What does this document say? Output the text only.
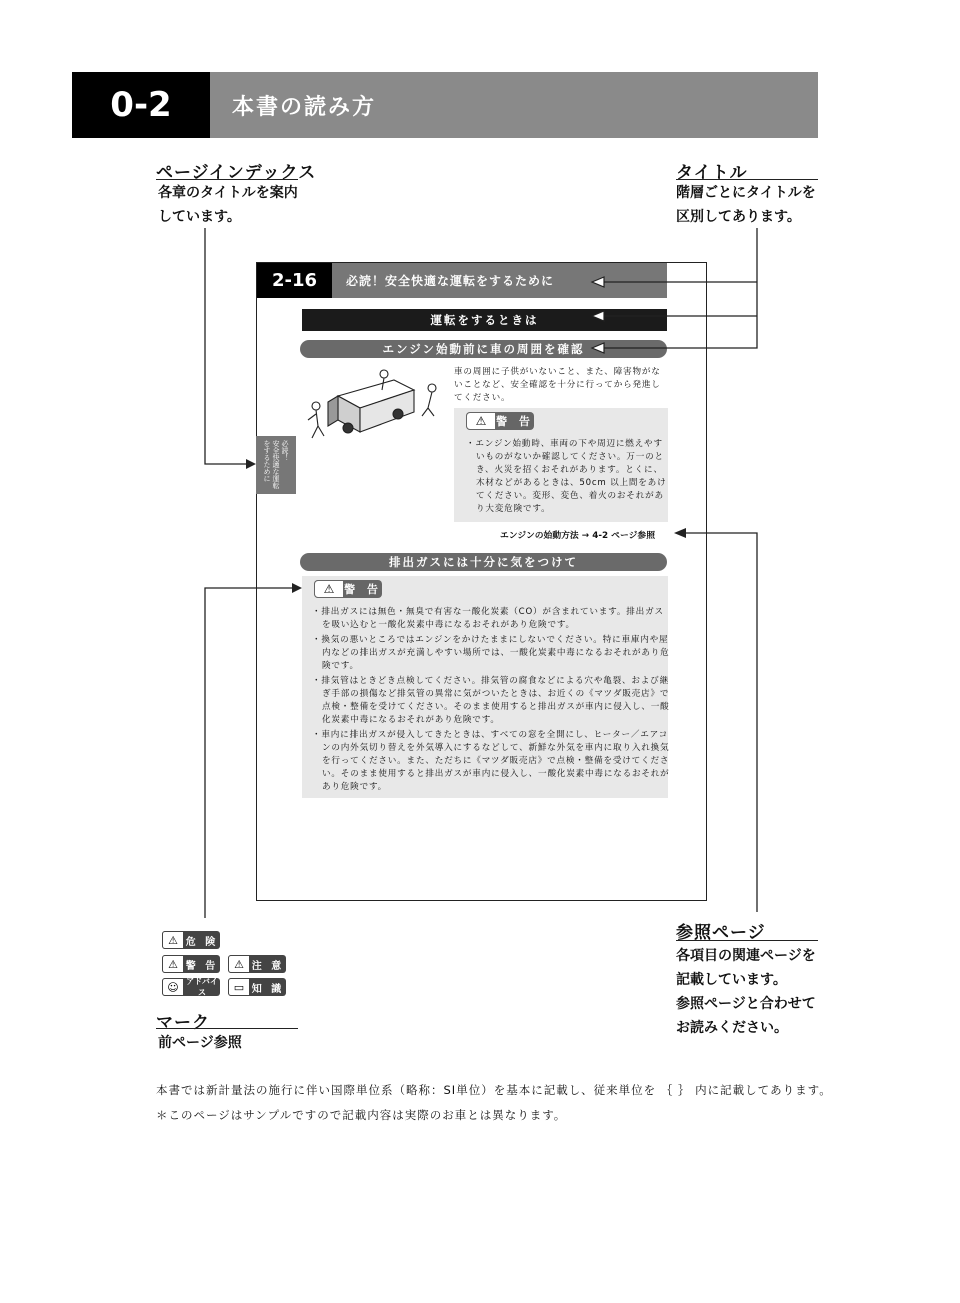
0-2	本書の読み方
ページインデックス
各章のタイトルを案内
しています。
タイトル
階層ごとにタイトルを
区別してあります。
2-16	必読！安全快適な運転をするために
運転をするときは
エンジン始動前に車の周囲を確認
必読！
安全快適な運転
をするために
車の周囲に子供がいないこと、また、障害物がないことなど、安全確認を十分に行ってから発進してください。
⚠ 警 告
・エンジン始動時、車両の下や周辺に燃えやすいものがないか確認してください。万一のとき、火災を招くおそれがあります。とくに、木材などがあるときは、50cm 以上間をあけてください。変形、変色、着火のおそれがあり大変危険です。
エンジンの始動方法 → 4-2 ページ参照
排出ガスには十分に気をつけて
⚠ 警 告
・排出ガスには無色・無臭で有害な一酸化炭素（CO）が含まれています。排出ガスを吸い込むと一酸化炭素中毒になるおそれがあり危険です。
・換気の悪いところではエンジンをかけたままにしないでください。特に車庫内や屋内などの排出ガスが充満しやすい場所では、一酸化炭素中毒になるおそれがあり危険です。
・排気管はときどき点検してください。排気管の腐食などによる穴や亀裂、および継ぎ手部の損傷など排気管の異常に気がついたときは、お近くの《マツダ販売店》で点検・整備を受けてください。そのまま使用すると排出ガスが車内に侵入し、一酸化炭素中毒になるおそれがあり危険です。
・車内に排出ガスが侵入してきたときは、すべての窓を全開にし、ヒーター／エアコンの内外気切り替えを外気導入にするなどして、新鮮な外気を車内に取り入れ換気を行ってください。また、ただちに《マツダ販売店》で点検・整備を受けてください。そのまま使用すると排出ガスが車内に侵入し、一酸化炭素中毒になるおそれがあり危険です。
参照ページ
各項目の関連ページを
記載しています。
参照ページと合わせて
お読みください。
⚠ 危 険
⚠ 警 告	⚠ 注 意
☺ アドバイス	▭ 知 識
マーク
前ページ参照
本書では新計量法の施行に伴い国際単位系（略称：SI単位）を基本に記載し、従来単位を ｛ ｝ 内に記載してあります。
＊このページはサンプルですので記載内容は実際のお車とは異なります。
